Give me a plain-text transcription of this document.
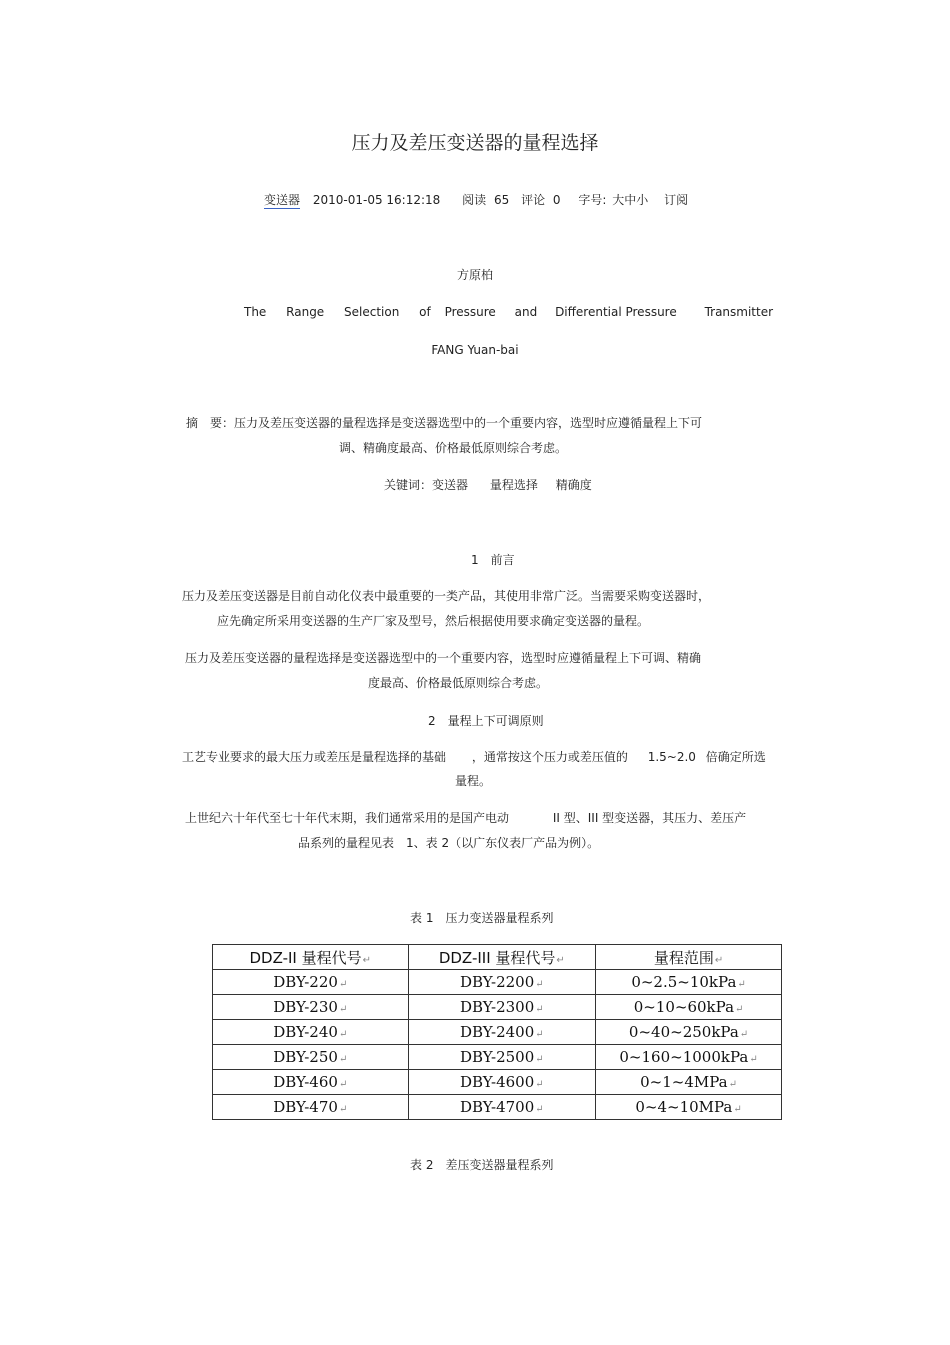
压力及差压变送器的量程选择
变送器 2010-01-05 16:12:18 阅读 65 评论 0 字号: 大中小 订阅
方原柏
The Range Selection of Pressure and Differential Pressure Transmitter
FANG Yuan-bai
摘　要：压力及差压变送器的量程选择是变送器选型中的一个重要内容，选型时应遵循量程上下可
调、精确度最高、价格最低原则综合考虑。
关键词：变送器 量程选择 精确度
1　前言
压力及差压变送器是目前自动化仪表中最重要的一类产品，其使用非常广泛。当需要采购变送器时，
应先确定所采用变送器的生产厂家及型号，然后根据使用要求确定变送器的量程。
压力及差压变送器的量程选择是变送器选型中的一个重要内容，选型时应遵循量程上下可调、精确
度最高、价格最低原则综合考虑。
2　量程上下可调原则
工艺专业要求的最大压力或差压是量程选择的基础 ，通常按这个压力或差压值的 1.5~2.0 倍确定所选
量程。
上世纪六十年代至七十年代末期，我们通常采用的是国产电动	II 型、III 型变送器，其压力、差压产
品系列的量程见表　1、表 2（以广东仪表厂产品为例）。
表 1　压力变送器量程系列
DDZ-II 量程代号↵	DDZ-III 量程代号↵	量程范围↵
DBY-220↵	DBY-2200↵	0~2.5~10kPa↵
DBY-230↵	DBY-2300↵	0~10~60kPa↵
DBY-240↵	DBY-2400↵	0~40~250kPa↵
DBY-250↵	DBY-2500↵	0~160~1000kPa↵
DBY-460↵	DBY-4600↵	0~1~4MPa↵
DBY-470↵	DBY-4700↵	0~4~10MPa↵
表 2　差压变送器量程系列
